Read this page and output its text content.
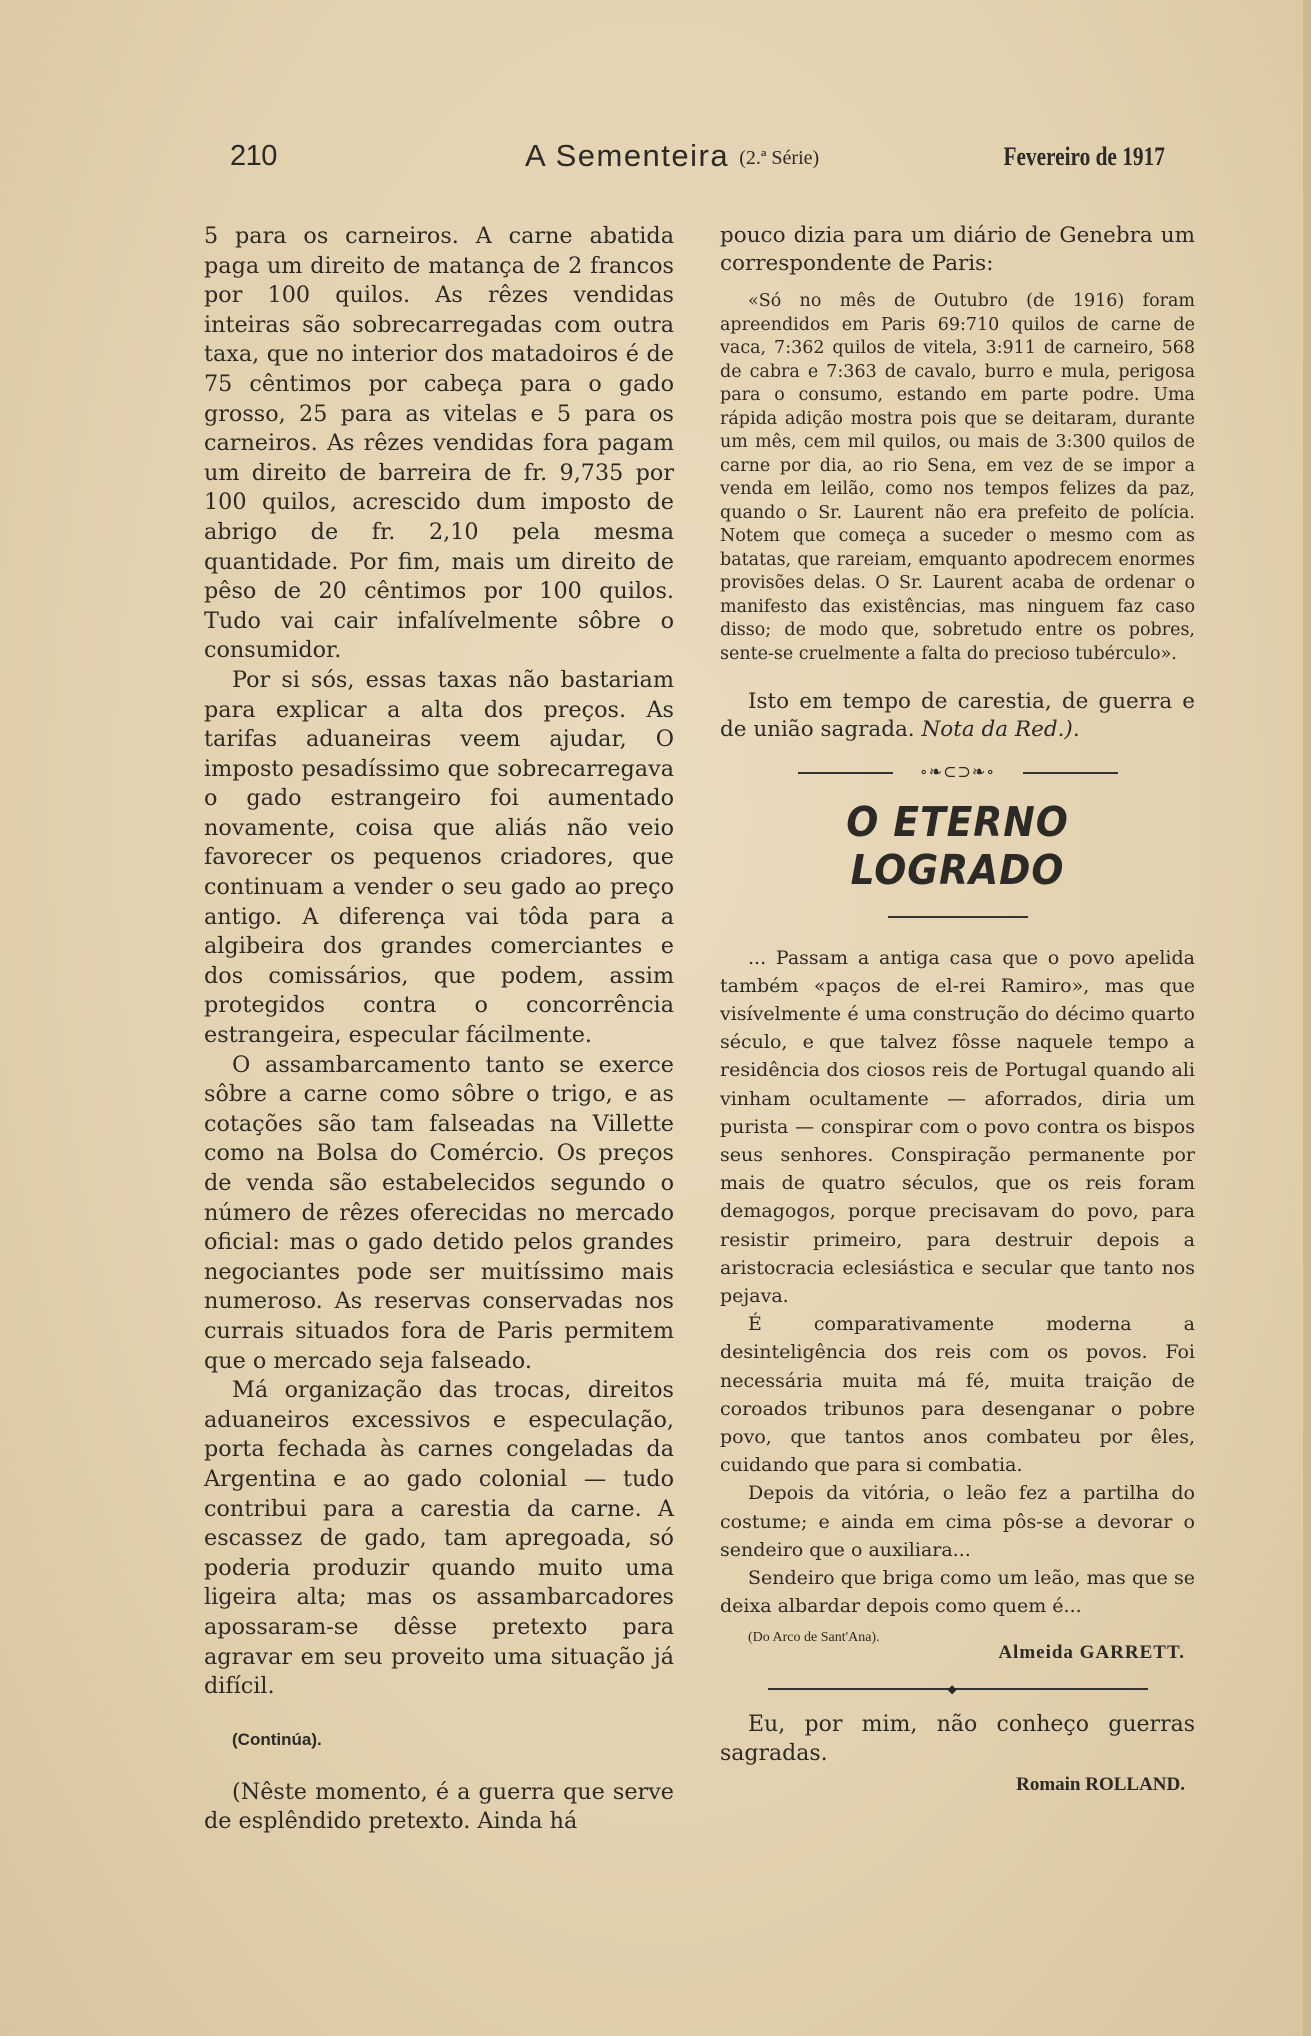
210	A Sementeira (2.ª Série)	Fevereiro de 1917

5 para os carneiros. A carne abatida paga um direito de matança de 2 francos por 100 quilos. As rêzes vendidas inteiras são sobrecarregadas com outra taxa, que no interior dos matadoiros é de 75 cêntimos por cabeça para o gado grosso, 25 para as vitelas e 5 para os carneiros. As rêzes vendidas fora pagam um direito de barreira de fr. 9,735 por 100 quilos, acrescido dum imposto de abrigo de fr. 2,10 pela mesma quantidade. Por fim, mais um direito de pêso de 20 cêntimos por 100 quilos. Tudo vai cair infalívelmente sôbre o consumidor.

Por si sós, essas taxas não bastariam para explicar a alta dos preços. As tarifas aduaneiras veem ajudar, O imposto pesadíssimo que sobrecarregava o gado estrangeiro foi aumentado novamente, coisa que aliás não veio favorecer os pequenos criadores, que continuam a vender o seu gado ao preço antigo. A diferença vai tôda para a algibeira dos grandes comerciantes e dos comissários, que podem, assim protegidos contra o concorrência estrangeira, especular fácilmente.

O assambarcamento tanto se exerce sôbre a carne como sôbre o trigo, e as cotações são tam falseadas na Villette como na Bolsa do Comércio. Os preços de venda são estabelecidos segundo o número de rêzes oferecidas no mercado oficial: mas o gado detido pelos grandes negociantes pode ser muitíssimo mais numeroso. As reservas conservadas nos currais situados fora de Paris permitem que o mercado seja falseado.

Má organização das trocas, direitos aduaneiros excessivos e especulação, porta fechada às carnes congeladas da Argentina e ao gado colonial — tudo contribui para a carestia da carne. A escassez de gado, tam apregoada, só poderia produzir quando muito uma ligeira alta; mas os assambarcadores apossaram-se dêsse pretexto para agravar em seu proveito uma situação já difícil.

(Continúa).

(Nêste momento, é a guerra que serve de esplêndido pretexto. Ainda há

pouco dizia para um diário de Genebra um correspondente de Paris:

«Só no mês de Outubro (de 1916) foram apreendidos em Paris 69:710 quilos de carne de vaca, 7:362 quilos de vitela, 3:911 de carneiro, 568 de cabra e 7:363 de cavalo, burro e mula, perigosa para o consumo, estando em parte podre. Uma rápida adição mostra pois que se deitaram, durante um mês, cem mil quilos, ou mais de 3:300 quilos de carne por dia, ao rio Sena, em vez de se impor a venda em leilão, como nos tempos felizes da paz, quando o Sr. Laurent não era prefeito de polícia. Notem que começa a suceder o mesmo com as batatas, que rareiam, emquanto apodrecem enormes provisões delas. O Sr. Laurent acaba de ordenar o manifesto das existências, mas ninguem faz caso disso; de modo que, sobretudo entre os pobres, sente-se cruelmente a falta do precioso tubérculo».

Isto em tempo de carestia, de guerra e de união sagrada. Nota da Red.).

∘❧⊂⊃❧∘
O ETERNO LOGRADO

... Passam a antiga casa que o povo apelida também «paços de el-rei Ramiro», mas que visívelmente é uma construção do décimo quarto século, e que talvez fôsse naquele tempo a residência dos ciosos reis de Portugal quando ali vinham ocultamente — aforrados, diria um purista — conspirar com o povo contra os bispos seus senhores. Conspiração permanente por mais de quatro séculos, que os reis foram demagogos, porque precisavam do povo, para resistir primeiro, para destruir depois a aristocracia eclesiástica e secular que tanto nos pejava.

É comparativamente moderna a desinteligência dos reis com os povos. Foi necessária muita má fé, muita traição de coroados tribunos para desenganar o pobre povo, que tantos anos combateu por êles, cuidando que para si combatia.

Depois da vitória, o leão fez a partilha do costume; e ainda em cima pôs-se a devorar o sendeiro que o auxiliara...

Sendeiro que briga como um leão, mas que se deixa albardar depois como quem é...

(Do Arco de Sant'Ana).

Almeida GARRETT.

◆

Eu, por mim, não conheço guerras sagradas.

Romain ROLLAND.
